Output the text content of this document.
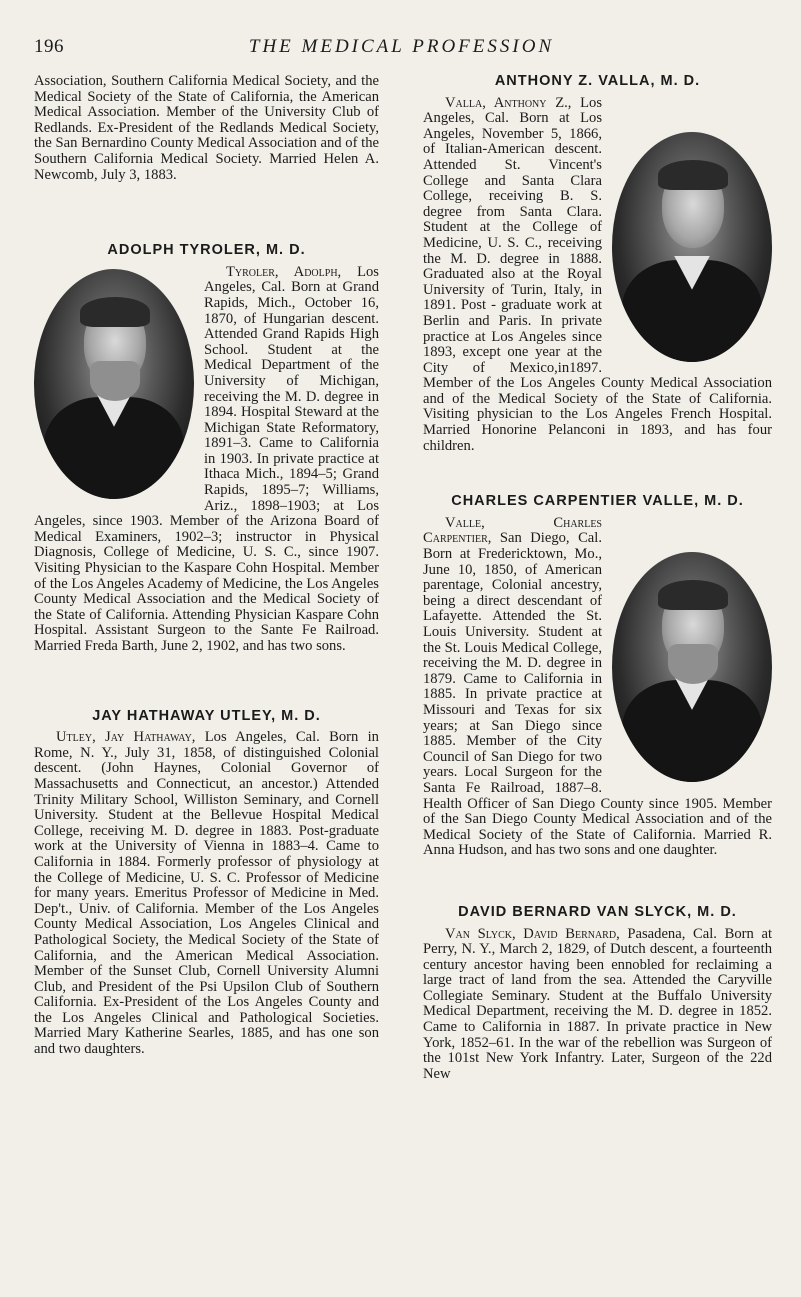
196	THE MEDICAL PROFESSION

Association, Southern California Medical Society, and the Medical Society of the State of California, the American Medical Association. Member of the University Club of Redlands. Ex-President of the Redlands Medical Society, the San Bernardino County Medical Association and of the Southern California Medical Society. Married Helen A. Newcomb, July 3, 1883.

ADOLPH TYROLER, M. D.

Tyroler, Adolph, Los Angeles, Cal. Born at Grand Rapids, Mich., October 16, 1870, of Hungarian descent. Attended Grand Rapids High School. Student at the Medical Department of the University of Michigan, receiving the M. D. degree in 1894. Hospital Steward at the Michigan State Reformatory, 1891–3. Came to California in 1903. In private practice at Ithaca Mich., 1894–5; Grand Rapids, 1895–7; Williams, Ariz., 1898–1903; at Los Angeles, since 1903. Member of the Arizona Board of Medical Examiners, 1902–3; instructor in Physical Diagnosis, College of Medicine, U. S. C., since 1907. Visiting Physician to the Kaspare Cohn Hospital. Member of the Los Angeles Academy of Medicine, the Los Angeles County Medical Association and the Medical Society of the State of California. Attending Physician Kaspare Cohn Hospital. Assistant Surgeon to the Sante Fe Railroad. Married Freda Barth, June 2, 1902, and has two sons.

JAY HATHAWAY UTLEY, M. D.

Utley, Jay Hathaway, Los Angeles, Cal. Born in Rome, N. Y., July 31, 1858, of distinguished Colonial descent. (John Haynes, Colonial Governor of Massachusetts and Connecticut, an ancestor.) Attended Trinity Military School, Williston Seminary, and Cornell University. Student at the Bellevue Hospital Medical College, receiving M. D. degree in 1883. Post-graduate work at the University of Vienna in 1883–4. Came to California in 1884. Formerly professor of physiology at the College of Medicine, U. S. C. Professor of Medicine for many years. Emeritus Professor of Medicine in Med. Dep't., Univ. of California. Member of the Los Angeles County Medical Association, Los Angeles Clinical and Pathological Society, the Medical Society of the State of California, and the American Medical Association. Member of the Sunset Club, Cornell University Alumni Club, and President of the Psi Upsilon Club of Southern California. Ex-President of the Los Angeles County and the Los Angeles Clinical and Pathological Societies. Married Mary Katherine Searles, 1885, and has one son and two daughters.

ANTHONY Z. VALLA, M. D.

Valla, Anthony Z., Los Angeles, Cal. Born at Los Angeles, November 5, 1866, of Italian-American descent. Attended St. Vincent's College and Santa Clara College, receiving B. S. degree from Santa Clara. Student at the College of Medicine, U. S. C., receiving the M. D. degree in 1888. Graduated also at the Royal University of Turin, Italy, in 1891. Post - graduate work at Berlin and Paris. In private practice at Los Angeles since 1893, except one year at the City of Mexico,in1897. Member of the Los Angeles County Medical Association and of the Medical Society of the State of California. Visiting physician to the Los Angeles French Hospital. Married Honorine Pelanconi in 1893, and has four children.

CHARLES CARPENTIER VALLE, M. D.

Valle, Charles Carpentier, San Diego, Cal. Born at Fredericktown, Mo., June 10, 1850, of American parentage, Colonial ancestry, being a direct descendant of Lafayette. Attended the St. Louis University. Student at the St. Louis Medical College, receiving the M. D. degree in 1879. Came to California in 1885. In private practice at Missouri and Texas for six years; at San Diego since 1885. Member of the City Council of San Diego for two years. Local Surgeon for the Santa Fe Railroad, 1887–8. Health Officer of San Diego County since 1905. Member of the San Diego County Medical Association and of the Medical Society of the State of California. Married R. Anna Hudson, and has two sons and one daughter.

DAVID BERNARD VAN SLYCK, M. D.

Van Slyck, David Bernard, Pasadena, Cal. Born at Perry, N. Y., March 2, 1829, of Dutch descent, a fourteenth century ancestor having been ennobled for reclaiming a large tract of land from the sea. Attended the Caryville Collegiate Seminary. Student at the Buffalo University Medical Department, receiving the M. D. degree in 1852. Came to California in 1887. In private practice in New York, 1852–61. In the war of the rebellion was Surgeon of the 101st New York Infantry. Later, Surgeon of the 22d New
